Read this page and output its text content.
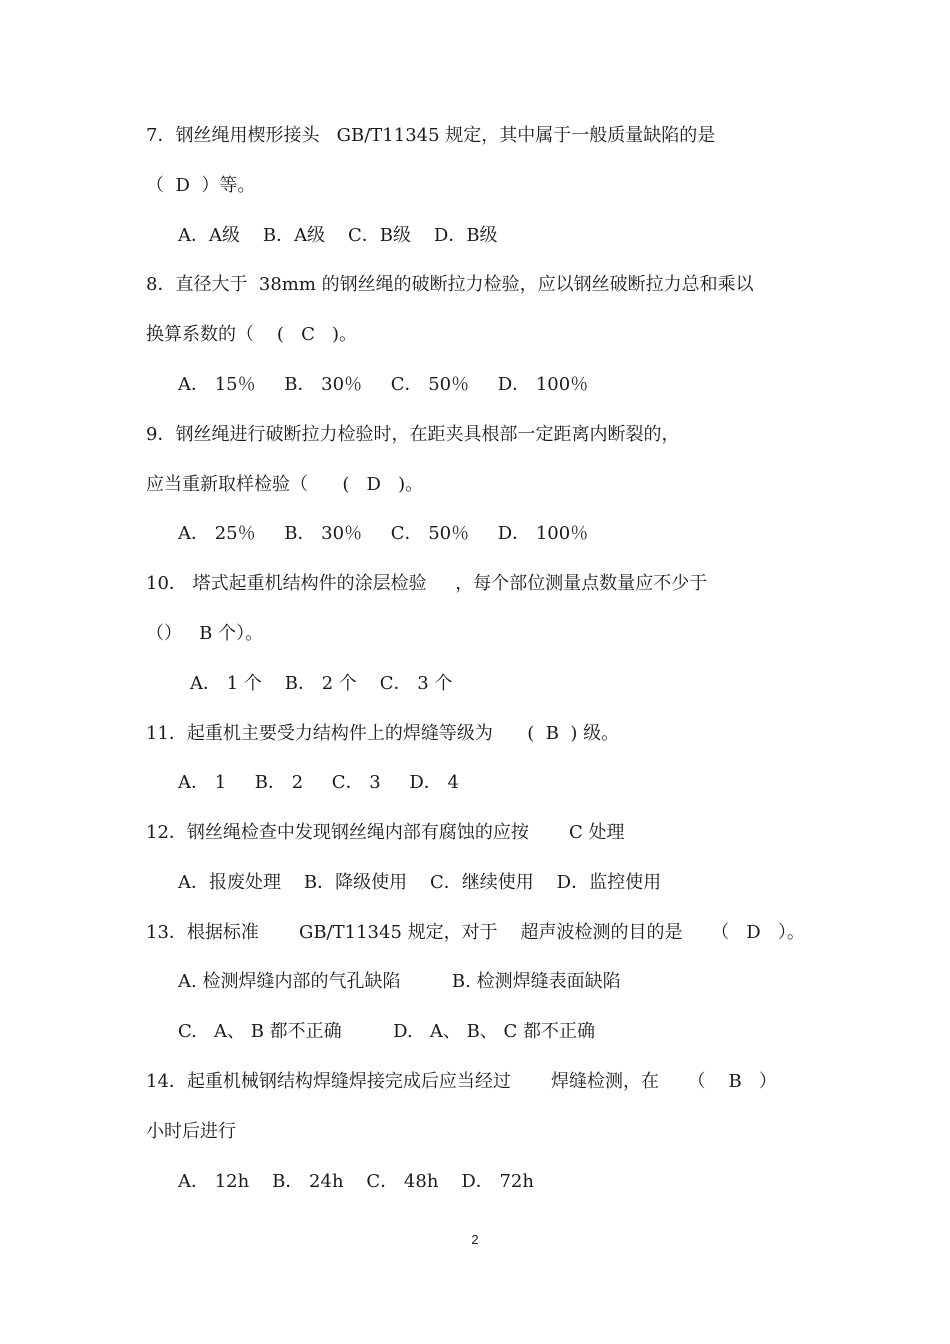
7．钢丝绳用楔形接头   GB/T11345 规定，其中属于一般质量缺陷的是
（  D  ）等。
A．A级    B．A级    C．B级    D．B级
8．直径大于  38mm 的钢丝绳的破断拉力检验，应以钢丝破断拉力总和乘以
换算系数的（    (   C   )。
A． 15％     B． 30％     C． 50％     D． 100％
9．钢丝绳进行破断拉力检验时，在距夹具根部一定距离内断裂的，
应当重新取样检验（      (   D   )。
A． 25％     B． 30％     C． 50％     D． 100％
10． 塔式起重机结构件的涂层检验     ，每个部位测量点数量应不少于
（）   B 个）。
A． 1 个    B． 2 个    C． 3 个
11．起重机主要受力结构件上的焊缝等级为      (  B  ) 级。
A． 1     B． 2     C． 3     D． 4
12．钢丝绳检查中发现钢丝绳内部有腐蚀的应按       C 处理
A．报废处理    B．降级使用    C．继续使用    D．监控使用
13．根据标准       GB/T11345 规定，对于    超声波检测的目的是     （   D   ）。
A. 检测焊缝内部的气孔缺陷         B. 检测焊缝表面缺陷
C.   A、 B 都不正确         D.   A、 B、 C 都不正确
14．起重机械钢结构焊缝焊接完成后应当经过       焊缝检测，在     （    B   ）
小时后进行
A． 12h    B． 24h    C． 48h    D． 72h
2
